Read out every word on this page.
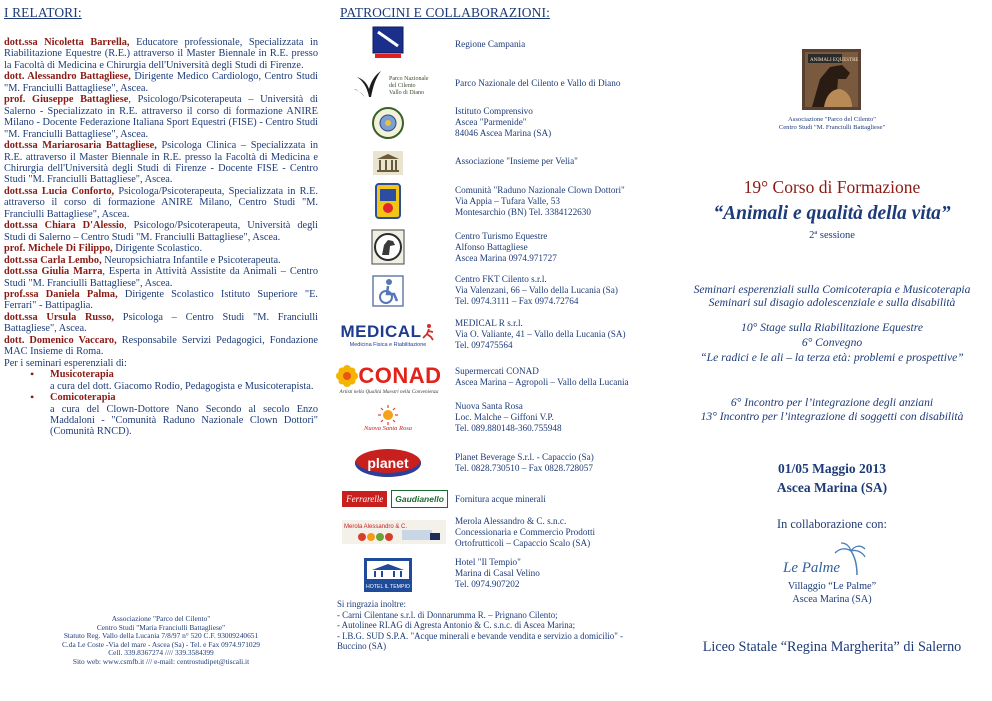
I RELATORI:
dott.ssa Nicoletta Barrella, Educatore professionale, Specializzata in Riabilitazione Equestre (R.E.) attraverso il Master Biennale in R.E. presso la Facoltà di Medicina e Chirurgia dell'Università degli Studi di Firenze.
dott. Alessandro Battagliese, Dirigente Medico Cardiologo, Centro Studi "M. Franciulli Battagliese", Ascea.
prof. Giuseppe Battagliese, Psicologo/Psicoterapeuta – Università di Salerno - Specializzato in R.E. attraverso il corso di formazione ANIRE Milano - Docente Federazione Italiana Sport Equestri (FISE) - Centro Studi "M. Franciulli Battagliese", Ascea.
dott.ssa Mariarosaria Battagliese, Psicologa Clinica – Specializzata in R.E. attraverso il Master Biennale in R.E. presso la Facoltà di Medicina e Chirurgia dell'Università degli Studi di Firenze - Docente FISE - Centro Studi "M. Franciulli Battagliese", Ascea.
dott.ssa Lucia Conforto, Psicologa/Psicoterapeuta, Specializzata in R.E. attraverso il corso di formazione ANIRE Milano, Centro Studi "M. Franciulli Battagliese", Ascea.
dott.ssa Chiara D'Alessio, Psicologo/Psicoterapeuta, Università degli Studi di Salerno – Centro Studi "M. Franciulli Battagliese", Ascea.
prof. Michele Di Filippo, Dirigente Scolastico.
dott.ssa Carla Lembo, Neuropsichiatra Infantile e Psicoterapeuta.
dott.ssa Giulia Marra, Esperta in Attività Assistite da Animali – Centro Studi "M. Franciulli Battagliese", Ascea.
prof.ssa Daniela Palma, Dirigente Scolastico Istituto Superiore "E. Ferrari" - Battipaglia.
dott.ssa Ursula Russo, Psicologa – Centro Studi "M. Franciulli Battagliese", Ascea.
dott. Domenico Vaccaro, Responsabile Servizi Pedagogici, Fondazione MAC Insieme di Roma.
Per i seminari esperenziali di:
• Musicoterapia
a cura del dott. Giacomo Rodio, Pedagogista e Musicoterapista.
• Comicoterapia
a cura del Clown-Dottore Nano Secondo al secolo Enzo Maddaloni - "Comunità Raduno Nazionale Clown Dottori" (Comunità RNCD).
Associazione "Parco del Cilento"
Centro Studi "Maria Franciulli Battagliese"
Statuto Reg. Vallo della Lucania 7/8/97 n° 520 C.F. 93009240651
C.da Le Coste -Via del mare - Ascea (Sa) - Tel. e Fax 0974.971029
Cell. 339.8367274 //// 339.3584399
Sito web: www.csmfb.it /// e-mail: centrostudipet@tiscali.it
PATROCINI E COLLABORAZIONI:
Regione Campania
Parco Nazionale
del Cilento
Vallo di Diano
Parco Nazionale del Cilento e Vallo di Diano
Istituto Comprensivo
Ascea "Parmenide"
84046 Ascea Marina (SA)
Associazione "Insieme per Velia"
Comunità "Raduno Nazionale Clown Dottori"
Via Appia – Tufara Valle, 53
Montesarchio (BN) Tel. 3384122630
Centro Turismo Equestre
Alfonso Battagliese
Ascea Marina 0974.971727
Centro FKT Cilento s.r.l.
Via Valenzani, 66 – Vallo della Lucania (Sa)
Tel. 0974.3111 – Fax 0974.72764
MEDICAL
Medicina Fisica e Riabilitazione
MEDICAL R s.r.l.
Via O. Valiante, 41 – Vallo della Lucania (SA)
Tel. 097475564
CONAD
Artisti nella Qualità Maestri nella Convenienza
Supermercati CONAD
Ascea Marina – Agropoli – Vallo della Lucania
Nuova Santa Rosa
Nuova Santa Rosa
Loc. Malche – Giffoni V.P.
Tel. 089.880148-360.755948
planet	Planet Beverage S.r.l. - Capaccio (Sa)
Tel. 0828.730510 – Fax 0828.728057
Ferrarelle	Gaudianello	Fornitura acque minerali
Merola Alessandro & C.
Merola Alessandro & C. s.n.c.
Concessionaria e Commercio Prodotti
Ortofrutticoli – Capaccio Scalo (SA)
HOTEL IL TEMPIO
Hotel "Il Tempio"
Marina di Casal Velino
Tel. 0974.907202
Si ringrazia inoltre:
- Carni Cilentane s.r.l. di Donnarumma R. – Prignano Cilento;
- Autolinee RI.AG di Agresta Antonio & C. s.n.c. di Ascea Marina;
- I.B.G. SUD S.P.A. "Acque minerali e bevande vendita e servizio a domicilio" - Buccino (SA)
ANIMALI EQUESTRE
Associazione "Parco del Cilento"
Centro Studi "M. Franciulli Battagliese"
19° Corso di Formazione
“Animali e qualità della vita”
2ª sessione
Seminari esperenziali sulla Comicoterapia e Musicoterapia
Seminari sul disagio adolescenziale e sulla disabilità
10° Stage sulla Riabilitazione Equestre
6° Convegno
“Le radici e le ali – la terza età: problemi e prospettive”
6° Incontro per l’integrazione degli anziani
13° Incontro per l’integrazione di soggetti con disabilità
01/05 Maggio 2013
Ascea Marina (SA)
In collaborazione con:
Le Palme
Villaggio “Le Palme”
Ascea Marina (SA)
Liceo Statale “Regina Margherita” di Salerno
